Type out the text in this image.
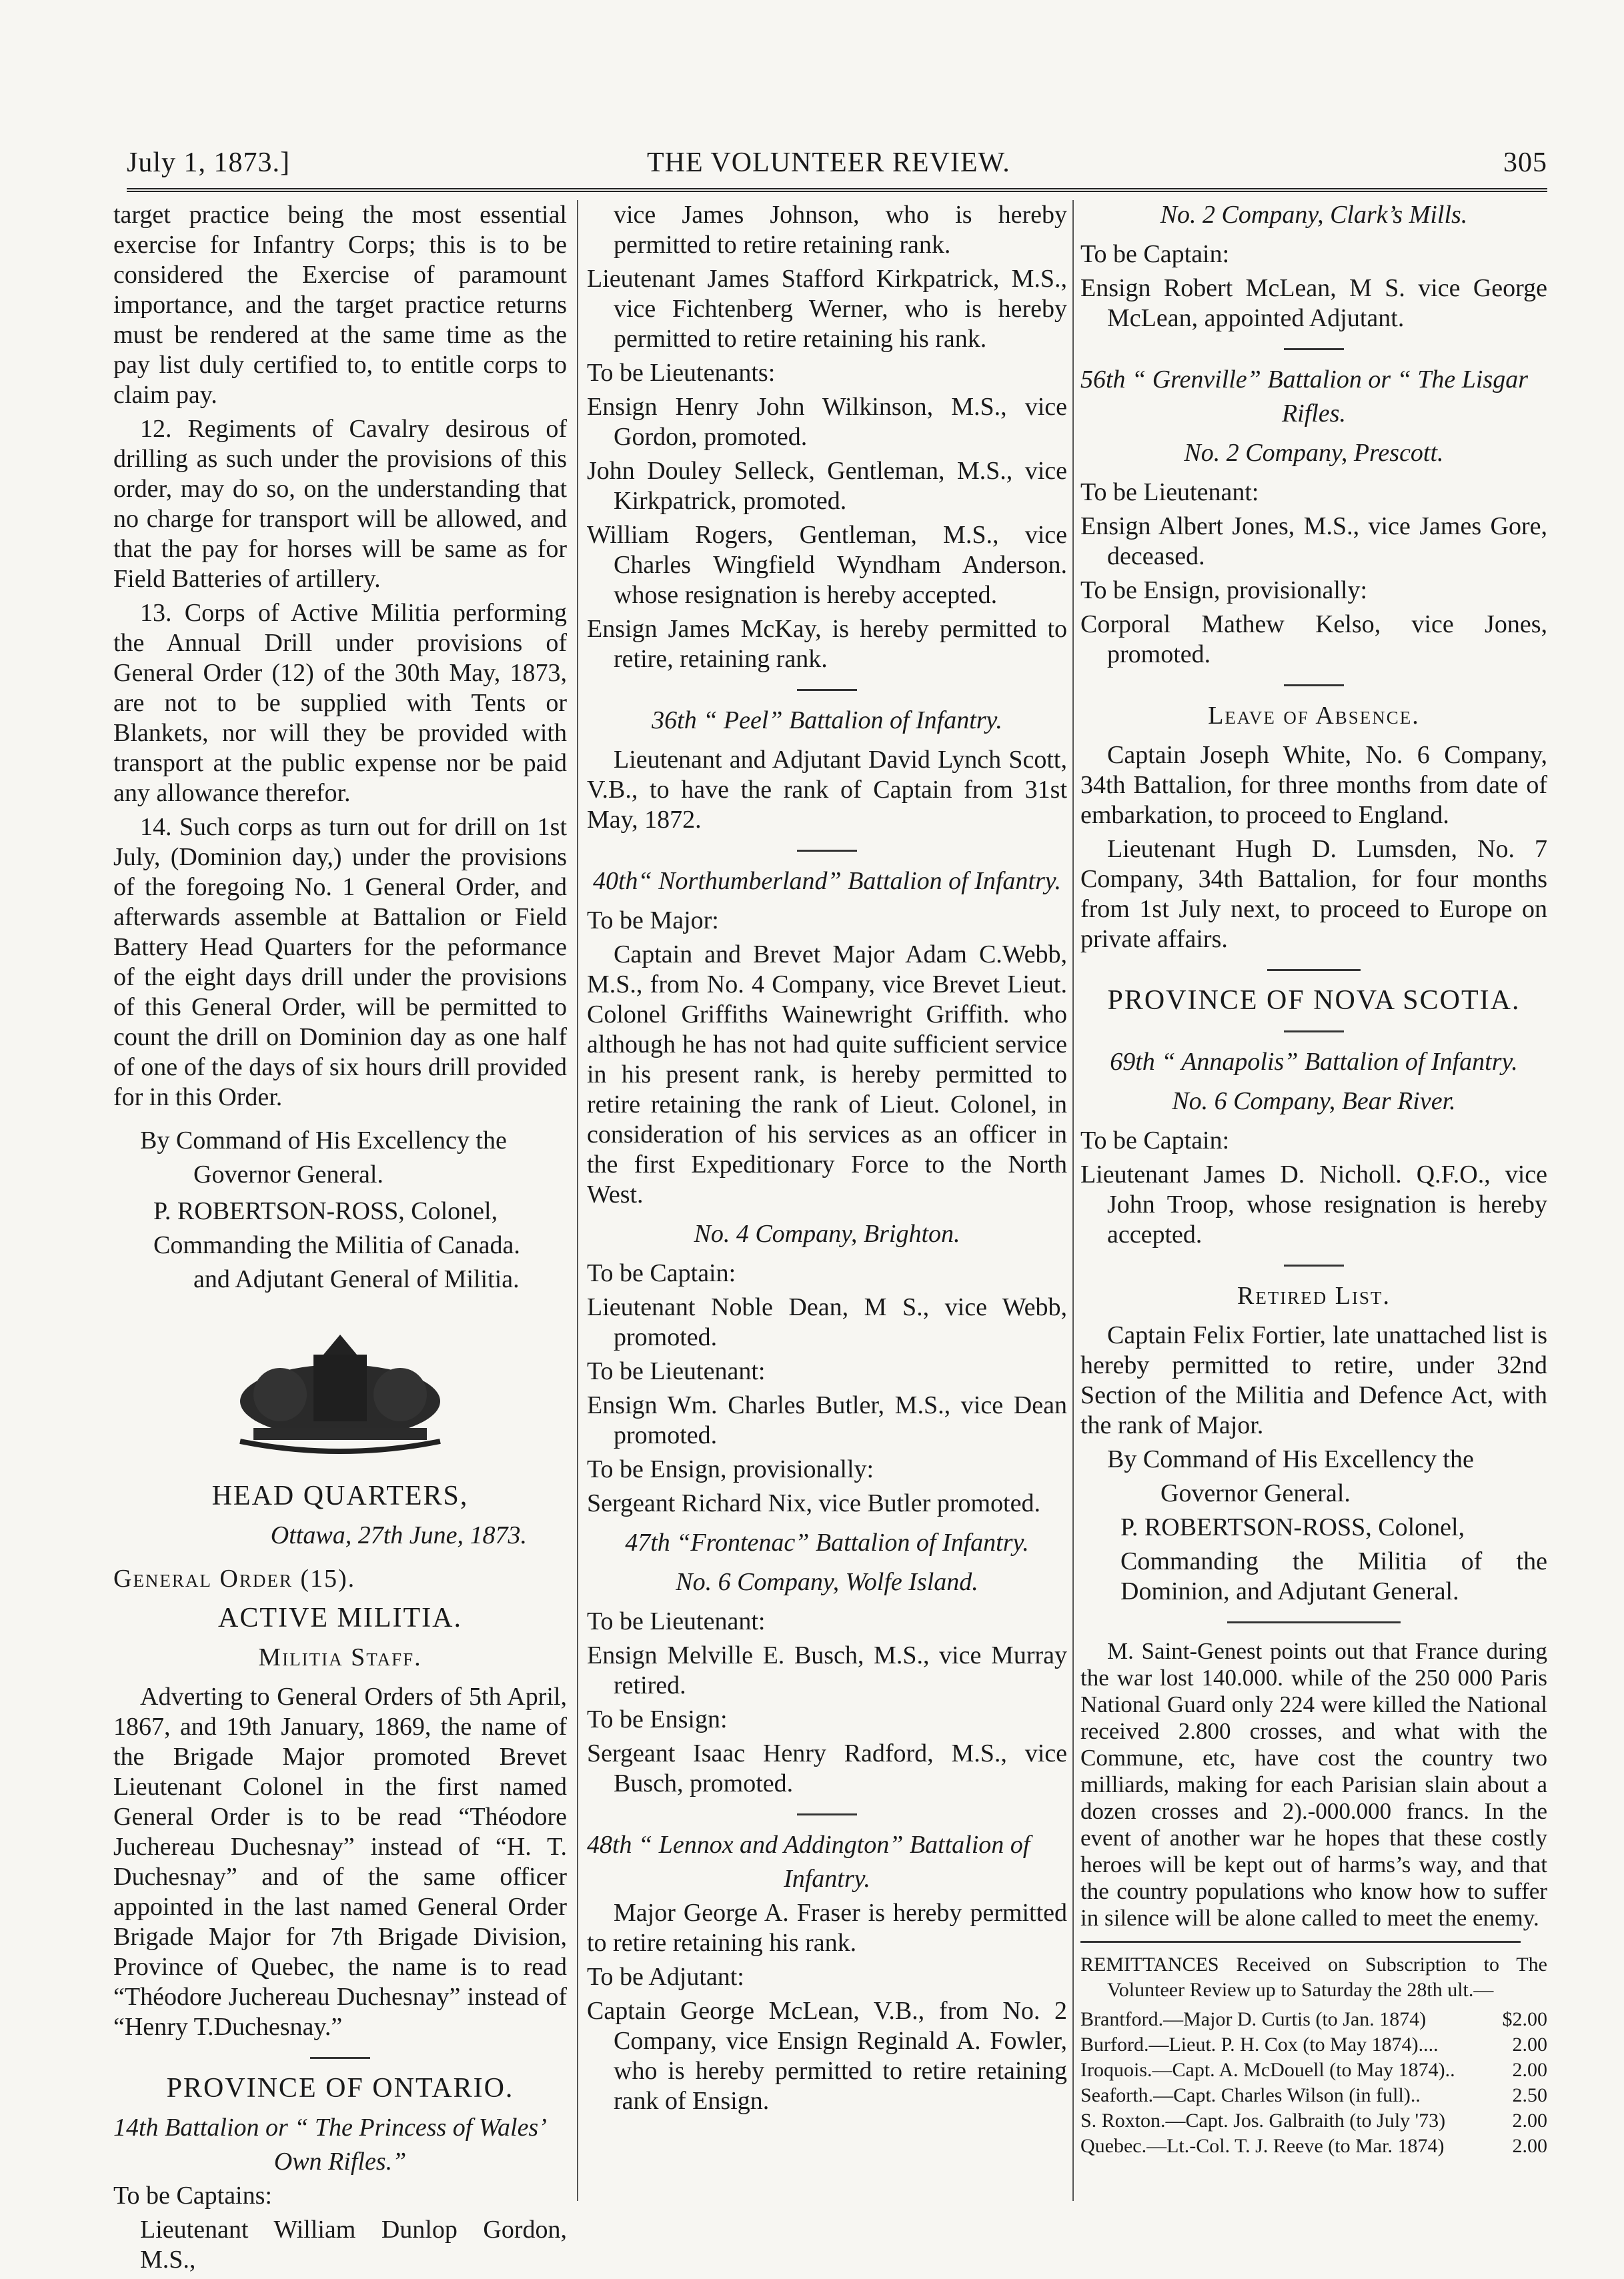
July 1, 1873.]	THE VOLUNTEER REVIEW.	305

target practice being the most essential exercise for Infantry Corps; this is to be considered the Exercise of paramount importance, and the target practice returns must be rendered at the same time as the pay list duly certified to, to entitle corps to claim pay.

12. Regiments of Cavalry desirous of drilling as such under the provisions of this order, may do so, on the understanding that no charge for transport will be allowed, and that the pay for horses will be same as for Field Batteries of artillery.

13. Corps of Active Militia performing the Annual Drill under provisions of General Order (12) of the 30th May, 1873, are not to be supplied with Tents or Blankets, nor will they be provided with transport at the public expense nor be paid any allowance therefor.

14. Such corps as turn out for drill on 1st July, (Dominion day,) under the provisions of the foregoing No. 1 General Order, and afterwards assemble at Battalion or Field Battery Head Quarters for the peformance of the eight days drill under the provisions of this General Order, will be permitted to count the drill on Dominion day as one half of one of the days of six hours drill provided for in this Order.

By Command of His Excellency the

Governor General.

P. ROBERTSON-ROSS, Colonel,

Commanding the Militia of Canada.

and Adjutant General of Militia.

HEAD QUARTERS,

Ottawa, 27th June, 1873.

General Order (15).

ACTIVE MILITIA.

Militia Staff.

Adverting to General Orders of 5th April, 1867, and 19th January, 1869, the name of the Brigade Major promoted Brevet Lieutenant Colonel in the first named General Order is to be read “Théodore Juchereau Duchesnay” instead of “H. T. Duchesnay” and of the same officer appointed in the last named General Order Brigade Major for 7th Brigade Division, Province of Quebec, the name is to read “Théodore Juchereau Duchesnay” instead of “Henry T.Duchesnay.”

PROVINCE OF ONTARIO.

14th Battalion or “ The Princess of Wales’

Own Rifles.”

To be Captains:

Lieutenant William Dunlop Gordon, M.S.,

vice James Johnson, who is hereby permitted to retire retaining rank.

Lieutenant James Stafford Kirkpatrick, M.S., vice Fichtenberg Werner, who is hereby permitted to retire retaining his rank.

To be Lieutenants:

Ensign Henry John Wilkinson, M.S., vice Gordon, promoted.

John Douley Selleck, Gentleman, M.S., vice Kirkpatrick, promoted.

William Rogers, Gentleman, M.S., vice Charles Wingfield Wyndham Anderson. whose resignation is hereby accepted.

Ensign James McKay, is hereby permitted to retire, retaining rank.

36th “ Peel” Battalion of Infantry.

Lieutenant and Adjutant David Lynch Scott, V.B., to have the rank of Captain from 31st May, 1872.

40th“ Northumberland” Battalion of Infantry.

To be Major:

Captain and Brevet Major Adam C.Webb, M.S., from No. 4 Company, vice Brevet Lieut. Colonel Griffiths Wainewright Griffith. who although he has not had quite sufficient service in his present rank, is hereby permitted to retire retaining the rank of Lieut. Colonel, in consideration of his services as an officer in the first Expeditionary Force to the North West.

No. 4 Company, Brighton.

To be Captain:

Lieutenant Noble Dean, M S., vice Webb, promoted.

To be Lieutenant:

Ensign Wm. Charles Butler, M.S., vice Dean promoted.

To be Ensign, provisionally:

Sergeant Richard Nix, vice Butler promoted.

47th “Frontenac” Battalion of Infantry.

No. 6 Company, Wolfe Island.

To be Lieutenant:

Ensign Melville E. Busch, M.S., vice Murray retired.

To be Ensign:

Sergeant Isaac Henry Radford, M.S., vice Busch, promoted.

48th “ Lennox and Addington” Battalion of

Infantry.

Major George A. Fraser is hereby permitted to retire retaining his rank.

To be Adjutant:

Captain George McLean, V.B., from No. 2 Company, vice Ensign Reginald A. Fowler, who is hereby permitted to retire retaining rank of Ensign.

No. 2 Company, Clark’s Mills.

To be Captain:

Ensign Robert McLean, M S. vice George McLean, appointed Adjutant.

56th “ Grenville” Battalion or “ The Lisgar

Rifles.

No. 2 Company, Prescott.

To be Lieutenant:

Ensign Albert Jones, M.S., vice James Gore, deceased.

To be Ensign, provisionally:

Corporal Mathew Kelso, vice Jones, promoted.

Leave of Absence.

Captain Joseph White, No. 6 Company, 34th Battalion, for three months from date of embarkation, to proceed to England.

Lieutenant Hugh D. Lumsden, No. 7 Company, 34th Battalion, for four months from 1st July next, to proceed to Europe on private affairs.

PROVINCE OF NOVA SCOTIA.

69th “ Annapolis” Battalion of Infantry.

No. 6 Company, Bear River.

To be Captain:

Lieutenant James D. Nicholl. Q.F.O., vice John Troop, whose resignation is hereby accepted.

Retired List.

Captain Felix Fortier, late unattached list is hereby permitted to retire, under 32nd Section of the Militia and Defence Act, with the rank of Major.

By Command of His Excellency the

Governor General.

P. ROBERTSON-ROSS, Colonel,

Commanding the Militia of the Dominion, and Adjutant General.

M. Saint-Genest points out that France during the war lost 140.000. while of the 250 000 Paris National Guard only 224 were killed the National received 2.800 crosses, and what with the Commune, etc, have cost the country two milliards, making for each Parisian slain about a dozen crosses and 2).-000.000 francs. In the event of another war he hopes that these costly heroes will be kept out of harms’s way, and that the country populations who know how to suffer in silence will be alone called to meet the enemy.

REMITTANCES Received on Subscription to The Volunteer Review up to Saturday the 28th ult.—

Brantford.—Major D. Curtis (to Jan. 1874)	$2.00
Burford.—Lieut. P. H. Cox (to May 1874)....	2.00
Iroquois.—Capt. A. McDouell (to May 1874)..	2.00
Seaforth.—Capt. Charles Wilson (in full)..	2.50
S. Roxton.—Capt. Jos. Galbraith (to July '73)	2.00
Quebec.—Lt.-Col. T. J. Reeve (to Mar. 1874)	2.00
